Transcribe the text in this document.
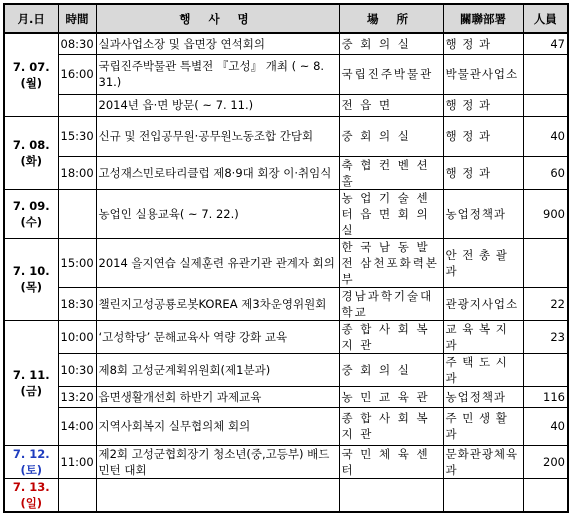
月.日	時間	행 사 명	場 所	關聯部署	人員

7. 07.
(월)	08:30	실과사업소장 및 읍면장 연석회의	중 회 의 실	행 정 과	47
	16:00	국립진주박물관 특별전 『고성』 개최 ( ~ 8. 31.)	국립진주박물관	박물관사업소	
		2014년 읍·면 방문( ~ 7. 11.)	전 읍 면	행 정 과	

7. 08.
(화)	15:30	신규 및 전입공무원·공무원노동조합 간담회	중 회 의 실	행 정 과	40
	18:00	고성재스민로타리클럽 제8·9대 회장 이·취임식	축 협 컨 벤 션 홀	행 정 과	60

7. 09.
(수)		농업인 실용교육( ~ 7. 22.)	농 업 기 술 센 터 읍 면 회 의 실	농업정책과	900

7. 10.
(목)	15:00	2014 을지연습 실제훈련 유관기관 관계자 회의	한 국 남 동 발 전 삼천포화력본부	안 전 총 괄 과	
	18:30	챌린지고성공룡로봇KOREA 제3차운영위원회	경남과학기술대학교	관광지사업소	22

7. 11.
(금)	10:00	‘고성학당’ 문해교육사 역량 강화 교육	종 합 사 회 복 지 관	교 육 복 지 과	23
	10:30	제8회 고성군계획위원회(제1분과)	중 회 의 실	주 택 도 시 과	
	13:20	읍면생활개선회 하반기 과제교육	농 민 교 육 관	농업정책과	116
	14:00	지역사회복지 실무협의체 회의	종 합 사 회 복 지 관	주 민 생 활 과	40

7. 12.
(토)	11:00	제2회 고성군협회장기 청소년(중,고등부) 배드민턴 대회	국 민 체 육 센 터	문화관광체육과	200

7. 13.
(일)					
